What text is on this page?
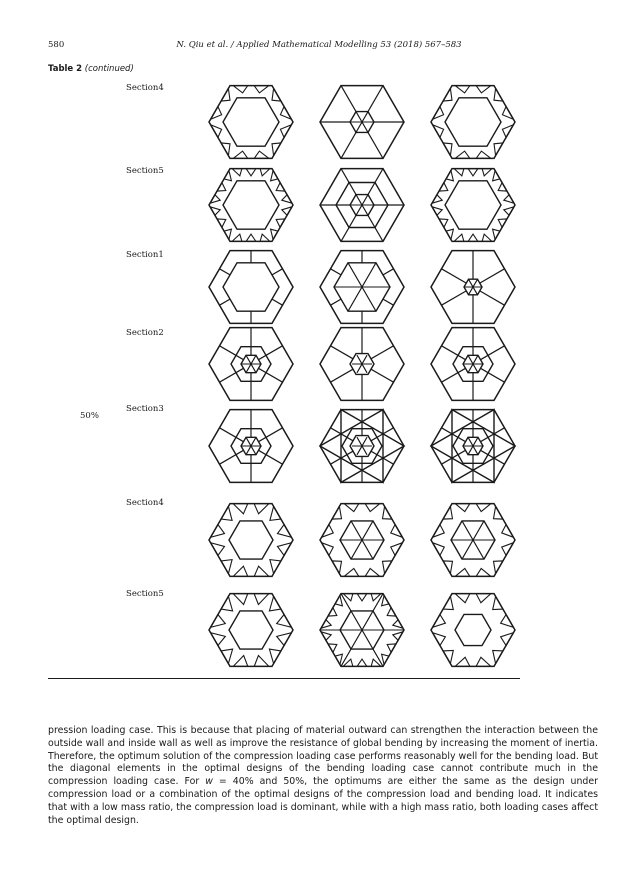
580	N. Qiu et al. / Applied Mathematical Modelling 53 (2018) 567–583
Table 2 (continued)
Section4
Section5
Section1
Section2
Section3
Section4
Section5
50%
pression loading case. This is because that placing of material outward can strengthen the interaction between the outside wall and inside wall as well as improve the resistance of global bending by increasing the moment of inertia. Therefore, the optimum solution of the compression loading case performs reasonably well for the bending load. But the diagonal elements in the optimal designs of the bending loading case cannot contribute much in the compression loading case. For w = 40% and 50%, the optimums are either the same as the design under compression load or a combination of the optimal designs of the compression load and bending load. It indicates that with a low mass ratio, the compression load is dominant, while with a high mass ratio, both loading cases affect the optimal design.
